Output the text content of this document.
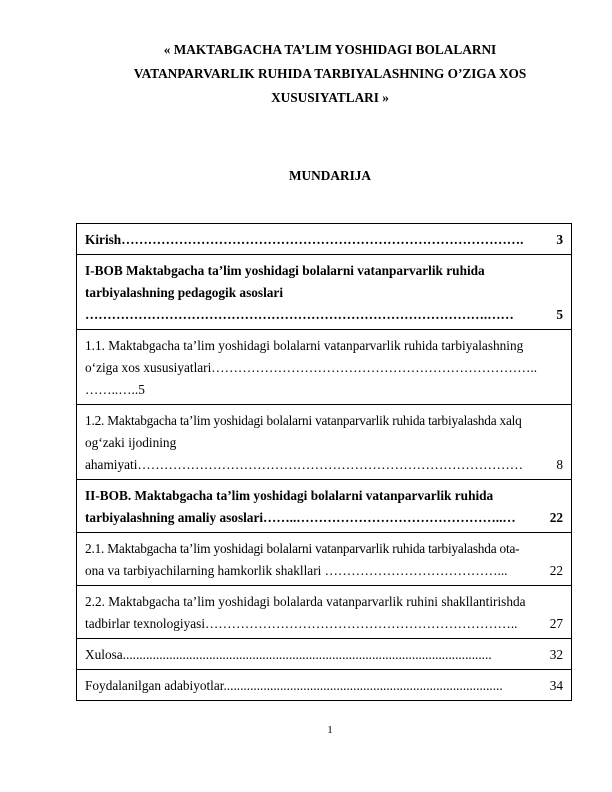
« MAKTABGACHA TA’LIM YOSHIDAGI BOLALARNI
VATANPARVARLIK RUHIDA TARBIYALASHNING O’ZIGA XOS
XUSUSIYATLARI »
MUNDARIJA
Kirish……………………………………………………………………………….	3

I-BOB Maktabgacha ta’lim yoshidagi bolalarni vatanparvarlik ruhida
tarbiyalashning pedagogik asoslari
……………………………………………………………………………….……	5

1.1. Maktabgacha ta’lim yoshidagi bolalarni vatanparvarlik ruhida tarbiyalashning
o‘ziga xos xususiyatlari………………………………………………………………..
……..…..5

1.2. Maktabgacha ta’lim yoshidagi bolalarni vatanparvarlik ruhida tarbiyalashda xalq
og‘zaki ijodining
ahamiyati……………………………………………………………………………	8

II-BOB. Maktabgacha ta’lim yoshidagi bolalarni vatanparvarlik ruhida
tarbiyalashning amaliy asoslari……..………………………………………..…	22

2.1. Maktabgacha ta’lim yoshidagi bolalarni vatanparvarlik ruhida tarbiyalashda ota-
ona va tarbiyachilarning hamkorlik shakllari …………………………………...	22

2.2. Maktabgacha ta’lim yoshidagi bolalarda vatanparvarlik ruhini shakllantirishda
tadbirlar texnologiyasi……………………………………………………………..	27

Xulosa...............................................................................................................	32

Foydalanilgan adabiyotlar....................................................................................	34
1
